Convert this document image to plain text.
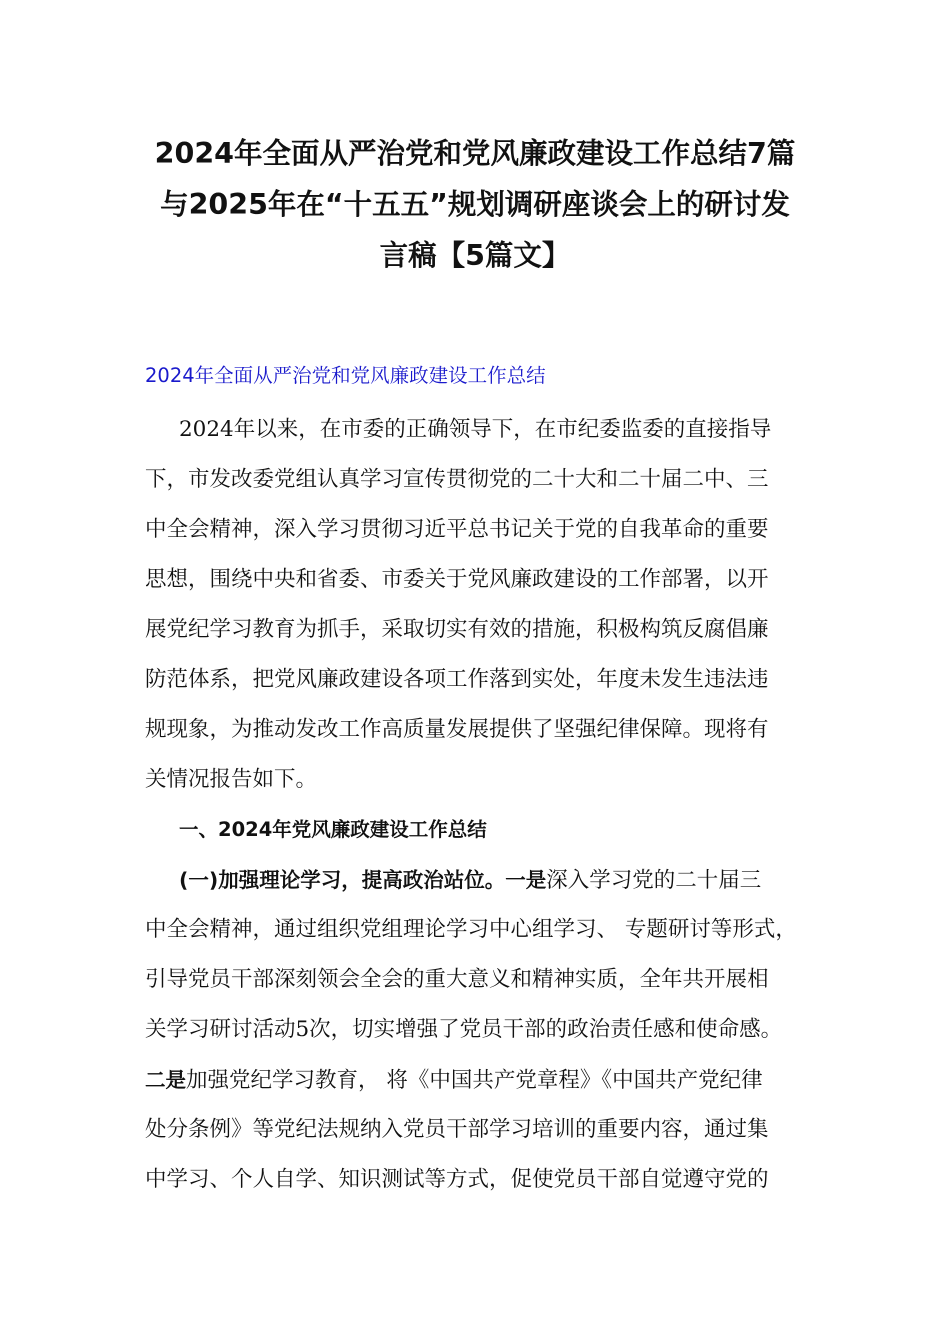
2024年全面从严治党和党风廉政建设工作总结7篇
与2025年在“十五五”规划调研座谈会上的研讨发
言稿【5篇文】
2024年全面从严治党和党风廉政建设工作总结
2024年以来，在市委的正确领导下，在市纪委监委的直接指导
下，市发改委党组认真学习宣传贯彻党的二十大和二十届二中、三
中全会精神，深入学习贯彻习近平总书记关于党的自我革命的重要
思想，围绕中央和省委、市委关于党风廉政建设的工作部署，以开
展党纪学习教育为抓手，采取切实有效的措施，积极构筑反腐倡廉
防范体系，把党风廉政建设各项工作落到实处，年度未发生违法违
规现象，为推动发改工作高质量发展提供了坚强纪律保障。现将有
关情况报告如下。
一、2024年党风廉政建设工作总结
(一)加强理论学习，提高政治站位。一是深入学习党的二十届三
中全会精神，通过组织党组理论学习中心组学习、 专题研讨等形式，
引导党员干部深刻领会全会的重大意义和精神实质，全年共开展相
关学习研讨活动5次，切实增强了党员干部的政治责任感和使命感。
二是加强党纪学习教育， 将《中国共产党章程》《中国共产党纪律
处分条例》等党纪法规纳入党员干部学习培训的重要内容，通过集
中学习、个人自学、知识测试等方式，促使党员干部自觉遵守党的
